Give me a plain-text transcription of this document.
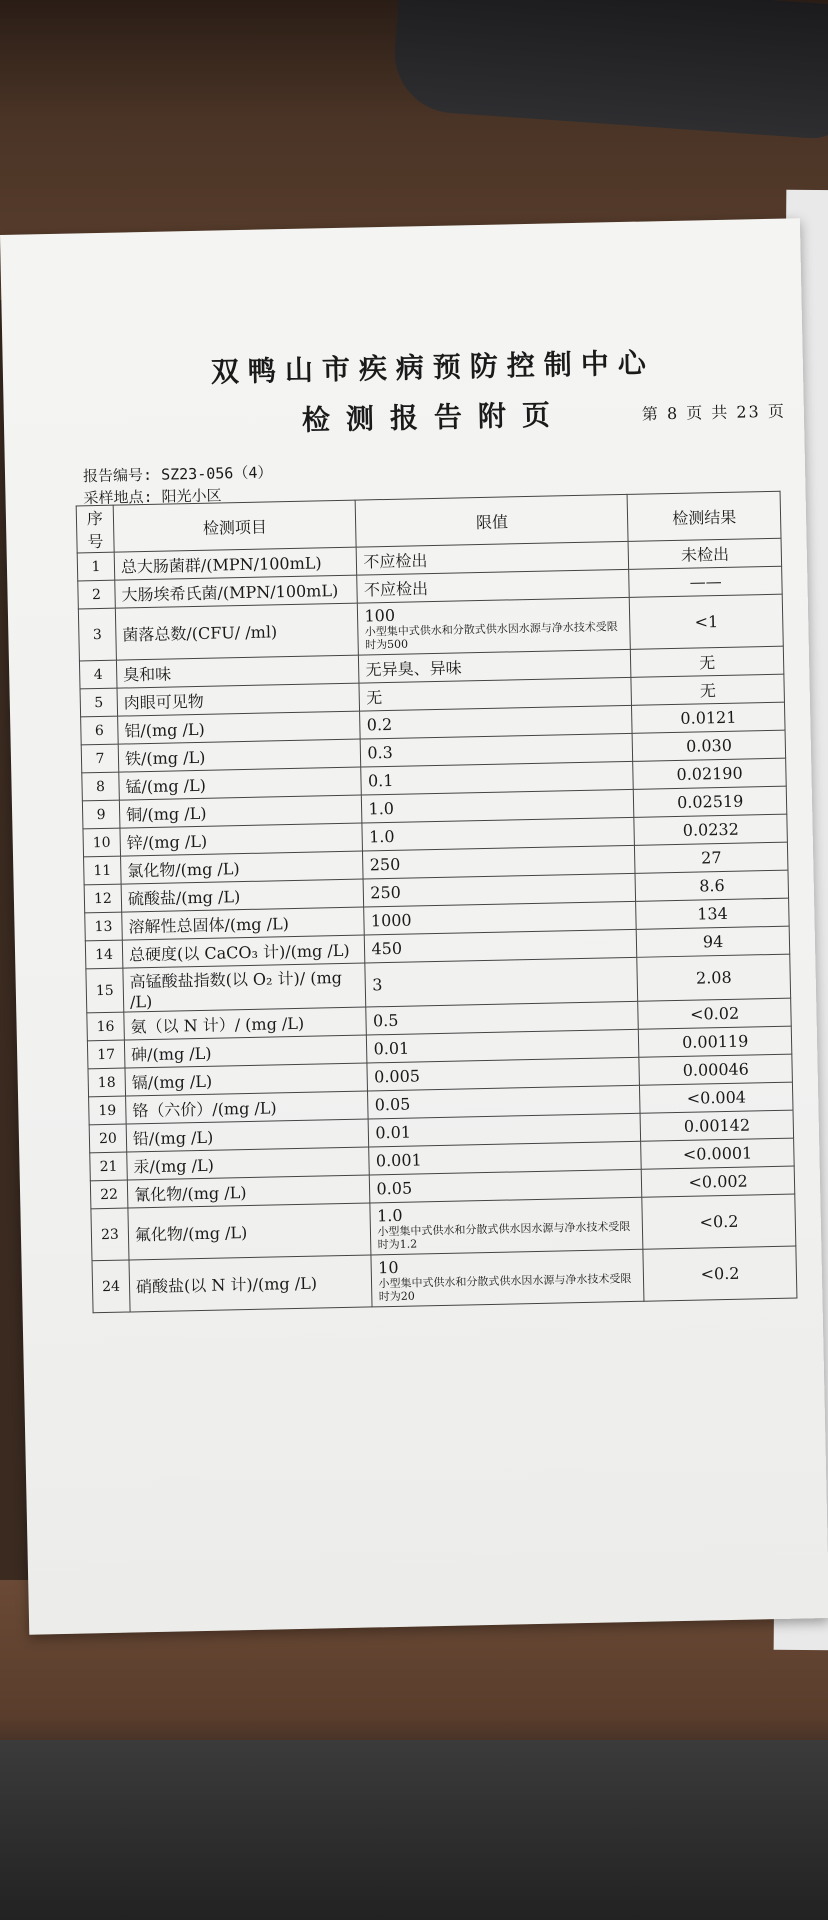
双鸭山市疾病预防控制中心
检测报告附页	第 8 页 共 23 页
报告编号: SZ23-056（4）
采样地点: 阳光小区
序号	检测项目	限值	检测结果
1	总大肠菌群/(MPN/100mL)	不应检出	未检出
2	大肠埃希氏菌/(MPN/100mL)	不应检出	——
3	菌落总数/(CFU/ /ml)	100
小型集中式供水和分散式供水因水源与净水技术受限时为500	<1
4	臭和味	无异臭、异味	无
5	肉眼可见物	无	无
6	铝/(mg /L)	0.2	0.0121
7	铁/(mg /L)	0.3	0.030
8	锰/(mg /L)	0.1	0.02190
9	铜/(mg /L)	1.0	0.02519
10	锌/(mg /L)	1.0	0.0232
11	氯化物/(mg /L)	250	27
12	硫酸盐/(mg /L)	250	8.6
13	溶解性总固体/(mg /L)	1000	134
14	总硬度(以 CaCO₃ 计)/(mg /L)	450	94
15	高锰酸盐指数(以 O₂ 计)/ (mg /L)	3	2.08
16	氨（以 N 计）/ (mg /L)	0.5	<0.02
17	砷/(mg /L)	0.01	0.00119
18	镉/(mg /L)	0.005	0.00046
19	铬（六价）/(mg /L)	0.05	<0.004
20	铅/(mg /L)	0.01	0.00142
21	汞/(mg /L)	0.001	<0.0001
22	氰化物/(mg /L)	0.05	<0.002
23	氟化物/(mg /L)	1.0
小型集中式供水和分散式供水因水源与净水技术受限时为1.2	<0.2
24	硝酸盐(以 N 计)/(mg /L)	10
小型集中式供水和分散式供水因水源与净水技术受限时为20	<0.2
